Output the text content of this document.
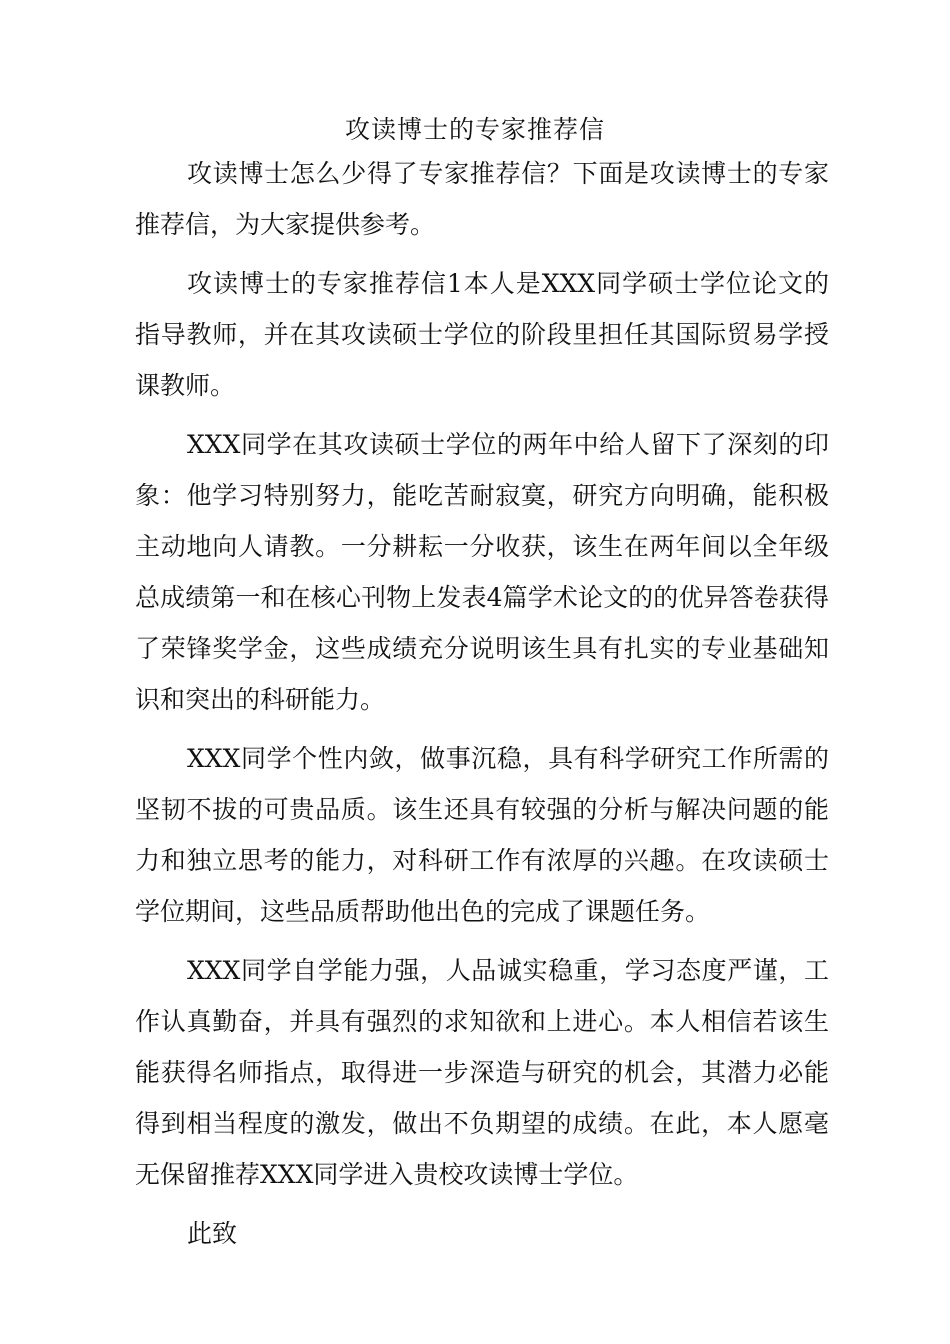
攻读博士的专家推荐信

攻读博士怎么少得了专家推荐信？下面是攻读博士的专家推荐信，为大家提供参考。

攻读博士的专家推荐信1本人是XXX同学硕士学位论文的指导教师，并在其攻读硕士学位的阶段里担任其国际贸易学授课教师。

XXX同学在其攻读硕士学位的两年中给人留下了深刻的印象：他学习特别努力，能吃苦耐寂寞，研究方向明确，能积极主动地向人请教。一分耕耘一分收获，该生在两年间以全年级总成绩第一和在核心刊物上发表4篇学术论文的的优异答卷获得了荣锋奖学金，这些成绩充分说明该生具有扎实的专业基础知识和突出的科研能力。

XXX同学个性内敛，做事沉稳，具有科学研究工作所需的坚韧不拔的可贵品质。该生还具有较强的分析与解决问题的能力和独立思考的能力，对科研工作有浓厚的兴趣。在攻读硕士学位期间，这些品质帮助他出色的完成了课题任务。

XXX同学自学能力强，人品诚实稳重，学习态度严谨，工作认真勤奋，并具有强烈的求知欲和上进心。本人相信若该生能获得名师指点，取得进一步深造与研究的机会，其潜力必能得到相当程度的激发，做出不负期望的成绩。在此，本人愿毫无保留推荐XXX同学进入贵校攻读博士学位。

此致
